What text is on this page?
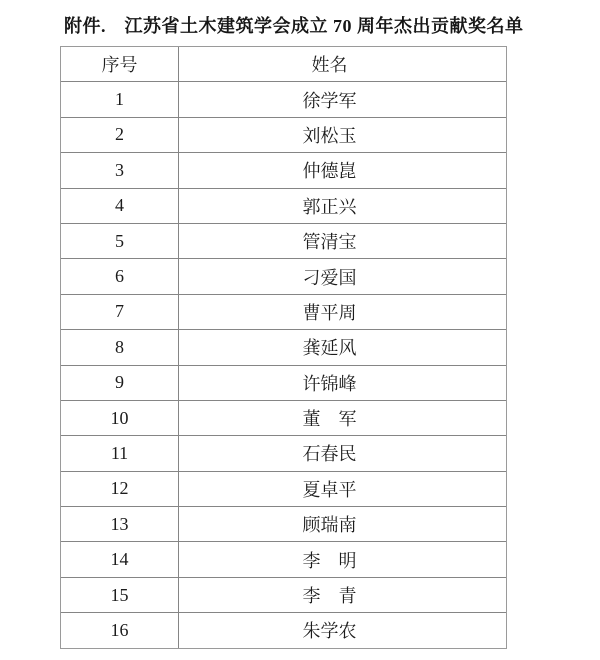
附件.　江苏省土木建筑学会成立 70 周年杰出贡献奖名单
序号	姓名
1	徐学军
2	刘松玉
3	仲德崑
4	郭正兴
5	管清宝
6	刁爱国
7	曹平周
8	龚延风
9	许锦峰
10	董　军
11	石春民
12	夏卓平
13	顾瑞南
14	李　明
15	李　青
16	朱学农
